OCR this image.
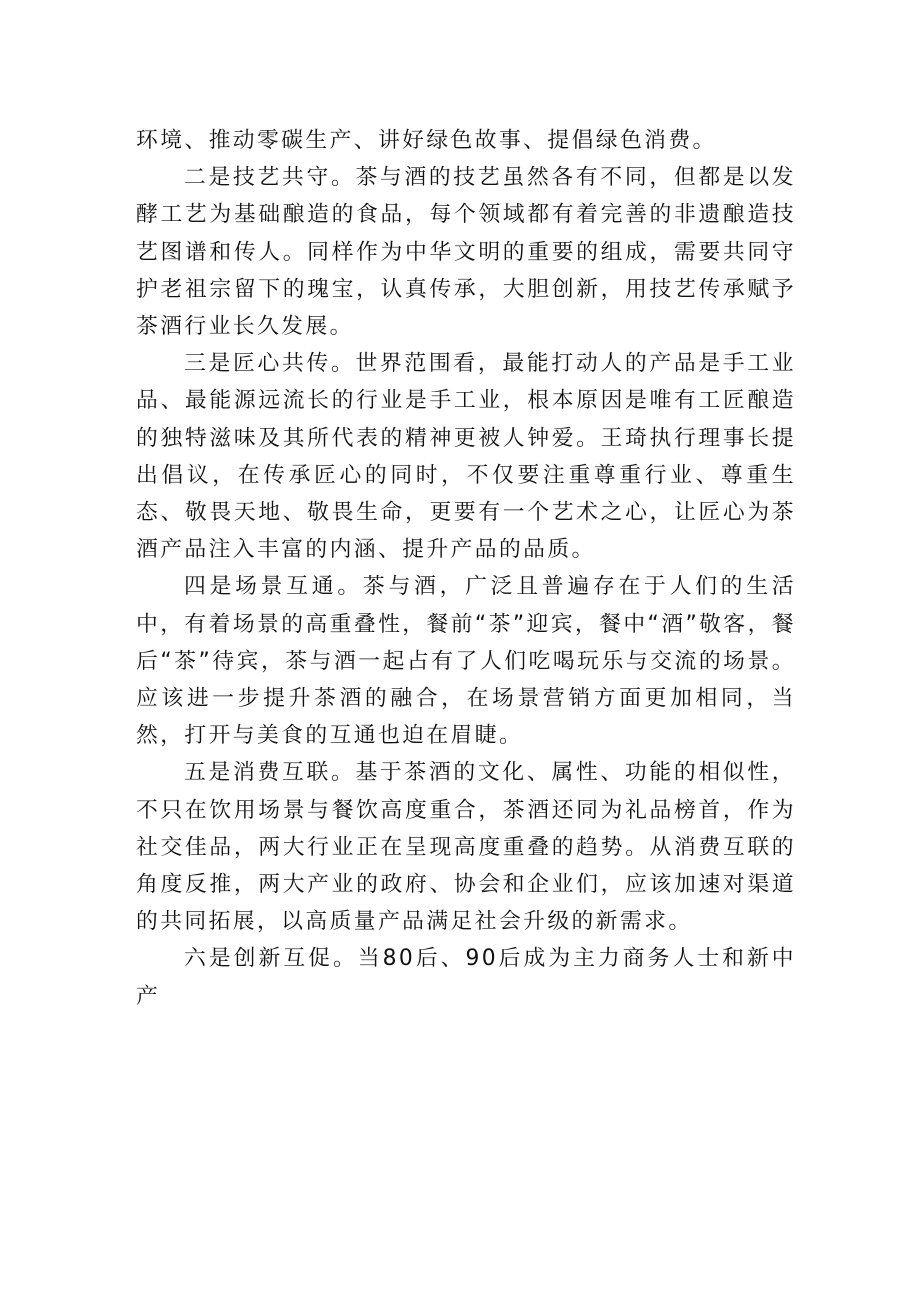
环境、推动零碳生产、讲好绿色故事、提倡绿色消费。

二是技艺共守。茶与酒的技艺虽然各有不同，但都是以发酵工艺为基础酿造的食品，每个领域都有着完善的非遗酿造技艺图谱和传人。同样作为中华文明的重要的组成，需要共同守护老祖宗留下的瑰宝，认真传承，大胆创新，用技艺传承赋予茶酒行业长久发展。

三是匠心共传。世界范围看，最能打动人的产品是手工业品、最能源远流长的行业是手工业，根本原因是唯有工匠酿造的独特滋味及其所代表的精神更被人钟爱。王琦执行理事长提出倡议，在传承匠心的同时，不仅要注重尊重行业、尊重生态、敬畏天地、敬畏生命，更要有一个艺术之心，让匠心为茶酒产品注入丰富的内涵、提升产品的品质。

四是场景互通。茶与酒，广泛且普遍存在于人们的生活中，有着场景的高重叠性，餐前“茶”迎宾，餐中“酒”敬客，餐后“茶”待宾，茶与酒一起占有了人们吃喝玩乐与交流的场景。应该进一步提升茶酒的融合，在场景营销方面更加相同，当然，打开与美食的互通也迫在眉睫。

五是消费互联。基于茶酒的文化、属性、功能的相似性，不只在饮用场景与餐饮高度重合，茶酒还同为礼品榜首，作为社交佳品，两大行业正在呈现高度重叠的趋势。从消费互联的角度反推，两大产业的政府、协会和企业们，应该加速对渠道的共同拓展，以高质量产品满足社会升级的新需求。

六是创新互促。当80后、90后成为主力商务人士和新中产
